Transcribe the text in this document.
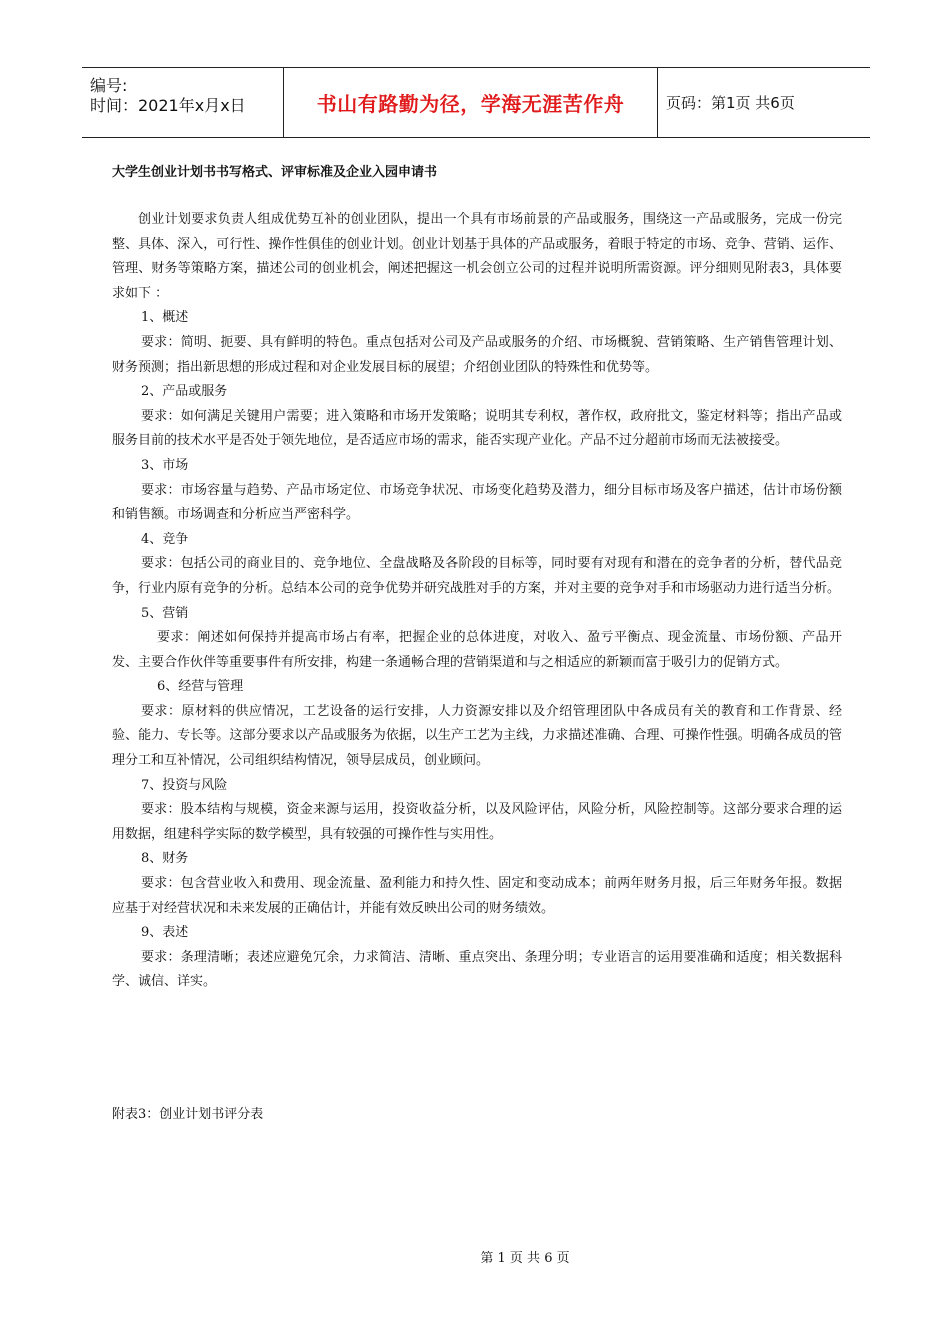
编号:
时间：2021年x月x日	书山有路勤为径，学海无涯苦作舟	页码：第1页 共6页
大学生创业计划书书写格式、评审标准及企业入园申请书

创业计划要求负责人组成优势互补的创业团队，提出一个具有市场前景的产品或服务，围绕这一产品或服务，完成一份完整、具体、深入，可行性、操作性俱佳的创业计划。创业计划基于具体的产品或服务，着眼于特定的市场、竞争、营销、运作、管理、财务等策略方案，描述公司的创业机会，阐述把握这一机会创立公司的过程并说明所需资源。评分细则见附表3，具体要求如下 ：

1、概述

要求：简明、扼要、具有鲜明的特色。重点包括对公司及产品或服务的介绍、市场概貌、营销策略、生产销售管理计划、财务预测；指出新思想的形成过程和对企业发展目标的展望；介绍创业团队的特殊性和优势等。

2、产品或服务

要求：如何满足关键用户需要；进入策略和市场开发策略；说明其专利权，著作权，政府批文，鉴定材料等；指出产品或服务目前的技术水平是否处于领先地位，是否适应市场的需求，能否实现产业化。产品不过分超前市场而无法被接受。

3、市场

要求：市场容量与趋势、产品市场定位、市场竞争状况、市场变化趋势及潜力，细分目标市场及客户描述，估计市场份额和销售额。市场调查和分析应当严密科学。

4、竞争

要求：包括公司的商业目的、竞争地位、全盘战略及各阶段的目标等，同时要有对现有和潜在的竞争者的分析，替代品竞争，行业内原有竞争的分析。总结本公司的竞争优势并研究战胜对手的方案，并对主要的竞争对手和市场驱动力进行适当分析。

5、营销

要求：阐述如何保持并提高市场占有率，把握企业的总体进度，对收入、盈亏平衡点、现金流量、市场份额、产品开发、主要合作伙伴等重要事件有所安排，构建一条通畅合理的营销渠道和与之相适应的新颖而富于吸引力的促销方式。

6、经营与管理

要求：原材料的供应情况，工艺设备的运行安排，人力资源安排以及介绍管理团队中各成员有关的教育和工作背景、经验、能力、专长等。这部分要求以产品或服务为依据，以生产工艺为主线，力求描述准确、合理、可操作性强。明确各成员的管理分工和互补情况，公司组织结构情况，领导层成员，创业顾问。

7、投资与风险

要求：股本结构与规模，资金来源与运用，投资收益分析，以及风险评估，风险分析，风险控制等。这部分要求合理的运用数据，组建科学实际的数学模型，具有较强的可操作性与实用性。

8、财务

要求：包含营业收入和费用、现金流量、盈利能力和持久性、固定和变动成本；前两年财务月报，后三年财务年报。数据应基于对经营状况和未来发展的正确估计，并能有效反映出公司的财务绩效。

9、表述

要求：条理清晰；表述应避免冗余，力求简洁、清晰、重点突出、条理分明；专业语言的运用要准确和适度；相关数据科学、诚信、详实。

附表3：创业计划书评分表
第 1 页 共 6 页
